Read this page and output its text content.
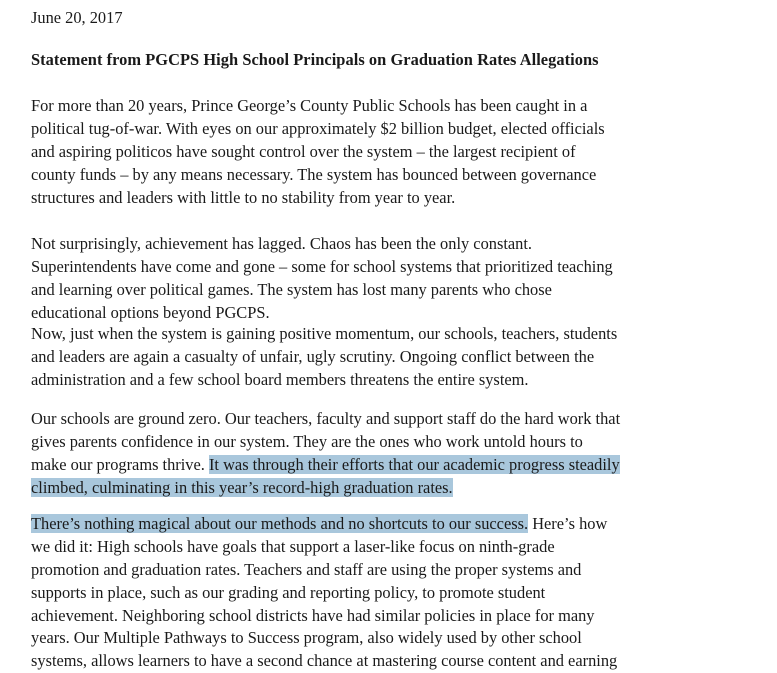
June 20, 2017
Statement from PGCPS High School Principals on Graduation Rates Allegations
For more than 20 years, Prince George’s County Public Schools has been caught in a
political tug-of-war. With eyes on our approximately $2 billion budget, elected officials
and aspiring politicos have sought control over the system – the largest recipient of
county funds – by any means necessary. The system has bounced between governance
structures and leaders with little to no stability from year to year.
Not surprisingly, achievement has lagged. Chaos has been the only constant.
Superintendents have come and gone – some for school systems that prioritized teaching
and learning over political games. The system has lost many parents who chose
educational options beyond PGCPS.
Now, just when the system is gaining positive momentum, our schools, teachers, students
and leaders are again a casualty of unfair, ugly scrutiny. Ongoing conflict between the
administration and a few school board members threatens the entire system.
Our schools are ground zero. Our teachers, faculty and support staff do the hard work that
gives parents confidence in our system. They are the ones who work untold hours to
make our programs thrive. It was through their efforts that our academic progress steadily
climbed, culminating in this year’s record-high graduation rates.
There’s nothing magical about our methods and no shortcuts to our success. Here’s how
we did it: High schools have goals that support a laser-like focus on ninth-grade
promotion and graduation rates. Teachers and staff are using the proper systems and
supports in place, such as our grading and reporting policy, to promote student
achievement. Neighboring school districts have had similar policies in place for many
years. Our Multiple Pathways to Success program, also widely used by other school
systems, allows learners to have a second chance at mastering course content and earning
